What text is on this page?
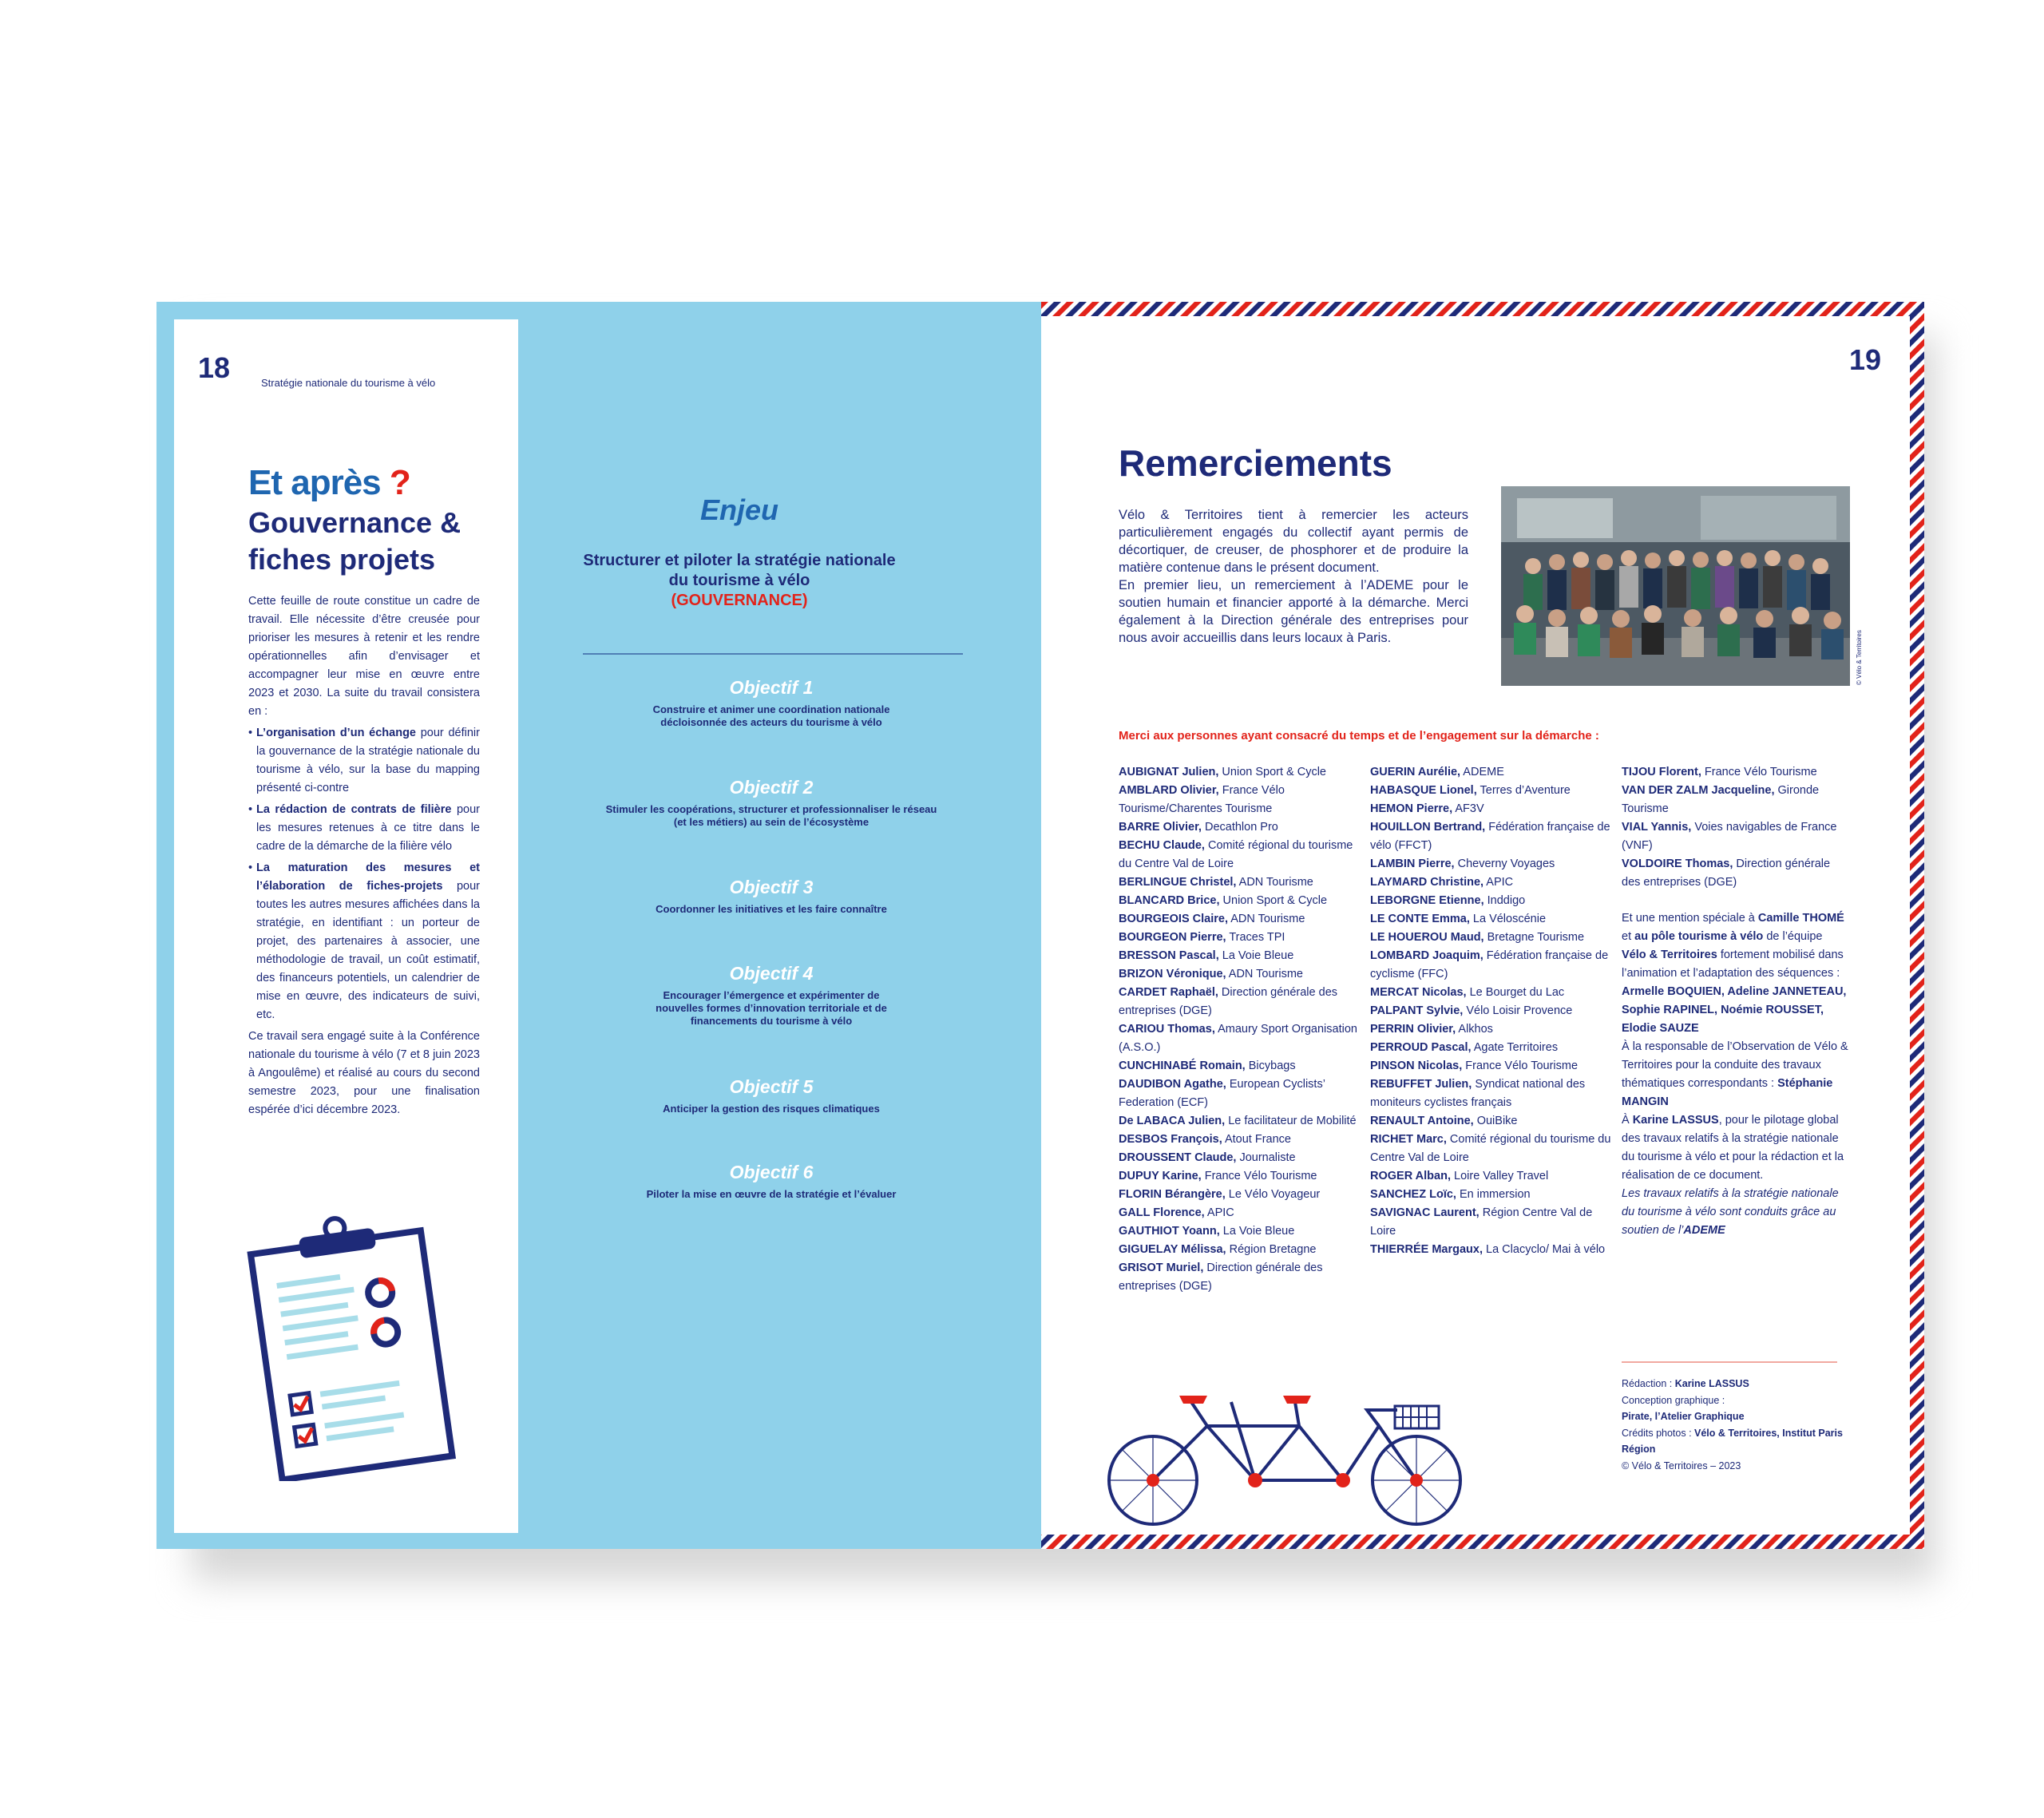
18	Stratégie nationale du tourisme à vélo
Et après ?
Gouvernance & fiches projets

Cette feuille de route constitue un cadre de travail. Elle nécessite d’être creusée pour prioriser les mesures à retenir et les rendre opérationnelles afin d’envisager et accompagner leur mise en œuvre entre 2023 et 2030. La suite du travail consistera en :

• L’organisation d’un échange pour définir la gouvernance de la stratégie nationale du tourisme à vélo, sur la base du mapping présenté ci-contre
• La rédaction de contrats de filière pour les mesures retenues à ce titre dans le cadre de la démarche de la filière vélo
• La maturation des mesures et l’élaboration de fiches-projets pour toutes les autres mesures affichées dans la stratégie, en identifiant : un porteur de projet, des partenaires à associer, une méthodologie de travail, un coût estimatif, des financeurs potentiels, un calendrier de mise en œuvre, des indicateurs de suivi, etc.

Ce travail sera engagé suite à la Conférence nationale du tourisme à vélo (7 et 8 juin 2023 à Angoulême) et réalisé au cours du second semestre 2023, pour une finalisation espérée d’ici décembre 2023.

Enjeu
Structurer et piloter la stratégie nationale du tourisme à vélo
(GOUVERNANCE)
Objectif 1
Construire et animer une coordination nationale décloisonnée des acteurs du tourisme à vélo
Objectif 2
Stimuler les coopérations, structurer et professionnaliser le réseau (et les métiers) au sein de l’écosystème
Objectif 3
Coordonner les initiatives et les faire connaître
Objectif 4
Encourager l’émergence et expérimenter de nouvelles formes d’innovation territoriale et de financements du tourisme à vélo
Objectif 5
Anticiper la gestion des risques climatiques
Objectif 6
Piloter la mise en œuvre de la stratégie et l’évaluer
19
Remerciements

Vélo & Territoires tient à remercier les acteurs particulièrement engagés du collectif ayant permis de décortiquer, de creuser, de phosphorer et de produire la matière contenue dans le présent document.

En premier lieu, un remerciement à l’ADEME pour le soutien humain et financier apporté à la démarche. Merci également à la Direction générale des entreprises pour nous avoir accueillis dans leurs locaux à Paris.	© Vélo & Territoires
Merci aux personnes ayant consacré du temps et de l’engagement sur la démarche :

AUBIGNAT Julien, Union Sport & Cycle

AMBLARD Olivier, France Vélo Tourisme/Charentes Tourisme

BARRE Olivier, Decathlon Pro

BECHU Claude, Comité régional du tourisme du Centre Val de Loire

BERLINGUE Christel, ADN Tourisme

BLANCARD Brice, Union Sport & Cycle

BOURGEOIS Claire, ADN Tourisme

BOURGEON Pierre, Traces TPI

BRESSON Pascal, La Voie Bleue

BRIZON Véronique, ADN Tourisme

CARDET Raphaël, Direction générale des entreprises (DGE)

CARIOU Thomas, Amaury Sport Organisation (A.S.O.)

CUNCHINABÉ Romain, Bicybags

DAUDIBON Agathe, European Cyclists’ Federation (ECF)

De LABACA Julien, Le facilitateur de Mobilité

DESBOS François, Atout France

DROUSSENT Claude, Journaliste

DUPUY Karine, France Vélo Tourisme

FLORIN Bérangère, Le Vélo Voyageur

GALL Florence, APIC

GAUTHIOT Yoann, La Voie Bleue

GIGUELAY Mélissa, Région Bretagne

GRISOT Muriel, Direction générale des entreprises (DGE)

GUERIN Aurélie, ADEME

HABASQUE Lionel, Terres d’Aventure

HEMON Pierre, AF3V

HOUILLON Bertrand, Fédération française de vélo (FFCT)

LAMBIN Pierre, Cheverny Voyages

LAYMARD Christine, APIC

LEBORGNE Etienne, Inddigo

LE CONTE Emma, La Véloscénie

LE HOUEROU Maud, Bretagne Tourisme

LOMBARD Joaquim, Fédération française de cyclisme (FFC)

MERCAT Nicolas, Le Bourget du Lac

PALPANT Sylvie, Vélo Loisir Provence

PERRIN Olivier, Alkhos

PERROUD Pascal, Agate Territoires

PINSON Nicolas, France Vélo Tourisme

REBUFFET Julien, Syndicat national des moniteurs cyclistes français

RENAULT Antoine, OuiBike

RICHET Marc, Comité régional du tourisme du Centre Val de Loire

ROGER Alban, Loire Valley Travel

SANCHEZ Loïc, En immersion

SAVIGNAC Laurent, Région Centre Val de Loire

THIERRÉE Margaux, La Clacyclo/ Mai à vélo

TIJOU Florent, France Vélo Tourisme

VAN DER ZALM Jacqueline, Gironde Tourisme

VIAL Yannis, Voies navigables de France (VNF)

VOLDOIRE Thomas, Direction générale des entreprises (DGE)

Et une mention spéciale à Camille THOMÉ et au pôle tourisme à vélo de l’équipe Vélo & Territoires fortement mobilisé dans l’animation et l’adaptation des séquences : Armelle BOQUIEN, Adeline JANNETEAU, Sophie RAPINEL, Noémie ROUSSET, Elodie SAUZE

À la responsable de l’Observation de Vélo & Territoires pour la conduite des travaux thématiques correspondants : Stéphanie MANGIN

À Karine LASSUS, pour le pilotage global des travaux relatifs à la stratégie nationale du tourisme à vélo et pour la rédaction et la réalisation de ce document.

Les travaux relatifs à la stratégie nationale du tourisme à vélo sont conduits grâce au soutien de l’ADEME

Rédaction : Karine LASSUS
Conception graphique :
Pirate, l’Atelier Graphique
Crédits photos : Vélo & Territoires, Institut Paris Région
© Vélo & Territoires – 2023
